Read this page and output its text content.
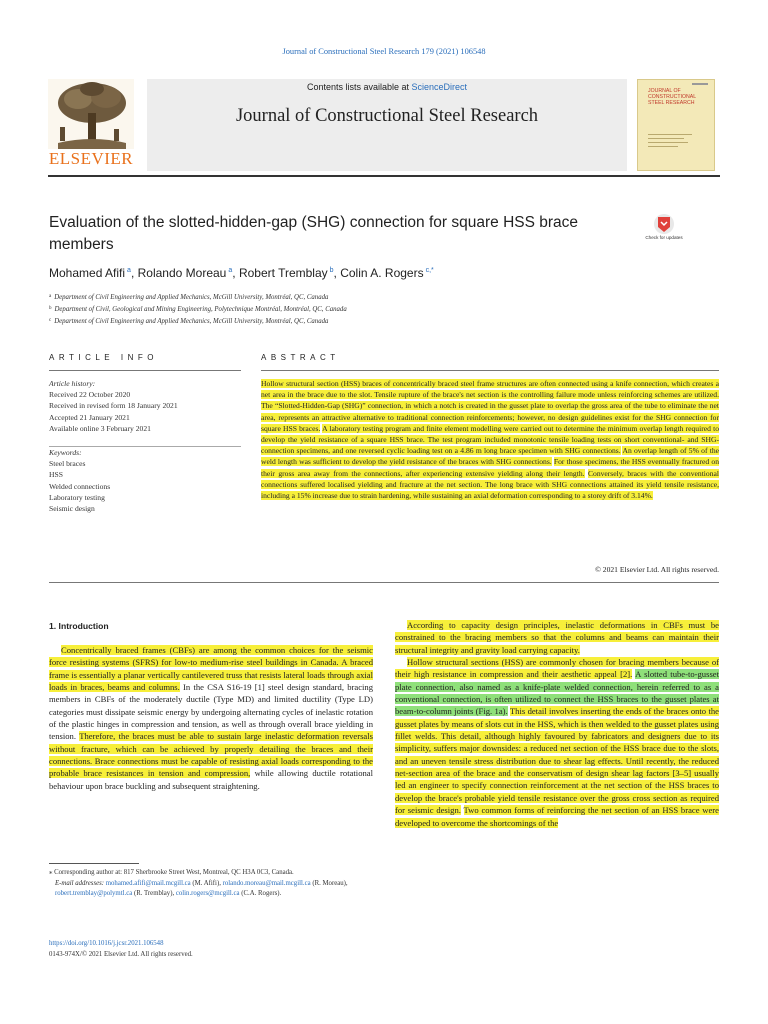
Journal of Constructional Steel Research 179 (2021) 106548
ELSEVIER
Contents lists available at ScienceDirect
Journal of Constructional Steel Research
JOURNAL OF CONSTRUCTIONAL STEEL RESEARCH
Evaluation of the slotted-hidden-gap (SHG) connection for square HSS brace members	Check for updates
Mohamed Afifi $^a$, Rolando Moreau $^a$, Robert Tremblay $^b$, Colin A. Rogers $^{c,*}$
$^a$ Department of Civil Engineering and Applied Mechanics, McGill University, Montréal, QC, Canada
$^b$ Department of Civil, Geological and Mining Engineering, Polytechnique Montréal, Montréal, QC, Canada
$^c$ Department of Civil Engineering and Applied Mechanics, McGill University, Montréal, QC, Canada
ARTICLE INFO	ABSTRACT
Article history:
Received 22 October 2020
Received in revised form 18 January 2021
Accepted 21 January 2021
Available online 3 February 2021
Keywords:
Steel braces
HSS
Welded connections
Laboratory testing
Seismic design
Hollow structural section (HSS) braces of concentrically braced steel frame structures are often connected using a knife connection, which creates a net area in the brace due to the slot. Tensile rupture of the brace's net section is the controlling failure mode unless reinforcing schemes are utilized. The “Slotted-Hidden-Gap (SHG)” connection, in which a notch is created in the gusset plate to overlap the gross area of the tube to eliminate the net area, represents an attractive alternative to traditional connection reinforcements; however, no design guidelines exist for the SHG connection for square HSS braces. A laboratory testing program and finite element modelling were carried out to determine the minimum overlap length required to develop the yield resistance of a square HSS brace. The test program included monotonic tensile loading tests on short conventional- and SHG- connection specimens, and one reversed cyclic loading test on a 4.86 m long brace specimen with SHG connections. An overlap length of 5% of the weld length was sufficient to develop the yield resistance of the braces with SHG connections. For those specimens, the HSS eventually fractured on their gross area away from the connections, after experiencing extensive yielding along their length. Conversely, braces with the conventional connections suffered localised yielding and fracture at the net section. The long brace with SHG connections attained its yield tensile resistance, including a 15% increase due to strain hardening, while sustaining an axial deformation corresponding to a storey drift of 3.14%.
© 2021 Elsevier Ltd. All rights reserved.
1. Introduction

Concentrically braced frames (CBFs) are among the common choices for the seismic force resisting systems (SFRS) for low-to medium-rise steel buildings in Canada. A braced frame is essentially a planar vertically cantilevered truss that resists lateral loads through axial loads in braces, beams and columns. In the CSA S16-19 [1] steel design standard, bracing members in CBFs of the moderately ductile (Type MD) and limited ductility (Type LD) categories must dissipate seismic energy by undergoing alternating cycles of inelastic rotation of the plastic hinges in compression and tension, as well as through overall brace yielding in tension. Therefore, the braces must be able to sustain large inelastic deformation reversals without fracture, which can be achieved by properly detailing the braces and their connections. Brace connections must be capable of resisting axial loads corresponding to the probable brace resistances in tension and compression, while allowing ductile rotational behaviour upon brace buckling and subsequent straightening.

According to capacity design principles, inelastic deformations in CBFs must be constrained to the bracing members so that the columns and beams can maintain their structural integrity and gravity load carrying capacity.

Hollow structural sections (HSS) are commonly chosen for bracing members because of their high resistance in compression and their aesthetic appeal [2]. A slotted tube-to-gusset plate connection, also named as a knife-plate welded connection, herein referred to as a conventional connection, is often utilized to connect the HSS braces to the gusset plates at beam-to-column joints (Fig. 1a). This detail involves inserting the ends of the braces onto the gusset plates by means of slots cut in the HSS, which is then welded to the gusset plates using fillet welds. This detail, although highly favoured by fabricators and designers due to its simplicity, suffers major downsides: a reduced net section of the HSS brace due to the slots, and an uneven tensile stress distribution due to shear lag effects. Until recently, the reduced net-section area of the brace and the conservatism of design shear lag factors [3–5] usually led an engineer to specify connection reinforcement at the net section of the HSS braces to develop the brace's probable yield tensile resistance over the gross cross section as required for seismic design. Two common forms of reinforcing the net section of an HSS brace were developed to overcome the shortcomings of the

⁎ Corresponding author at: 817 Sherbrooke Street West, Montreal, QC H3A 0C3, Canada.
E-mail addresses: mohamed.afifi@mail.mcgill.ca (M. Afifi), rolando.moreau@mail.mcgill.ca (R. Moreau), robert.tremblay@polymtl.ca (R. Tremblay), colin.rogers@mcgill.ca (C.A. Rogers).
https://doi.org/10.1016/j.jcsr.2021.106548
0143-974X/© 2021 Elsevier Ltd. All rights reserved.
